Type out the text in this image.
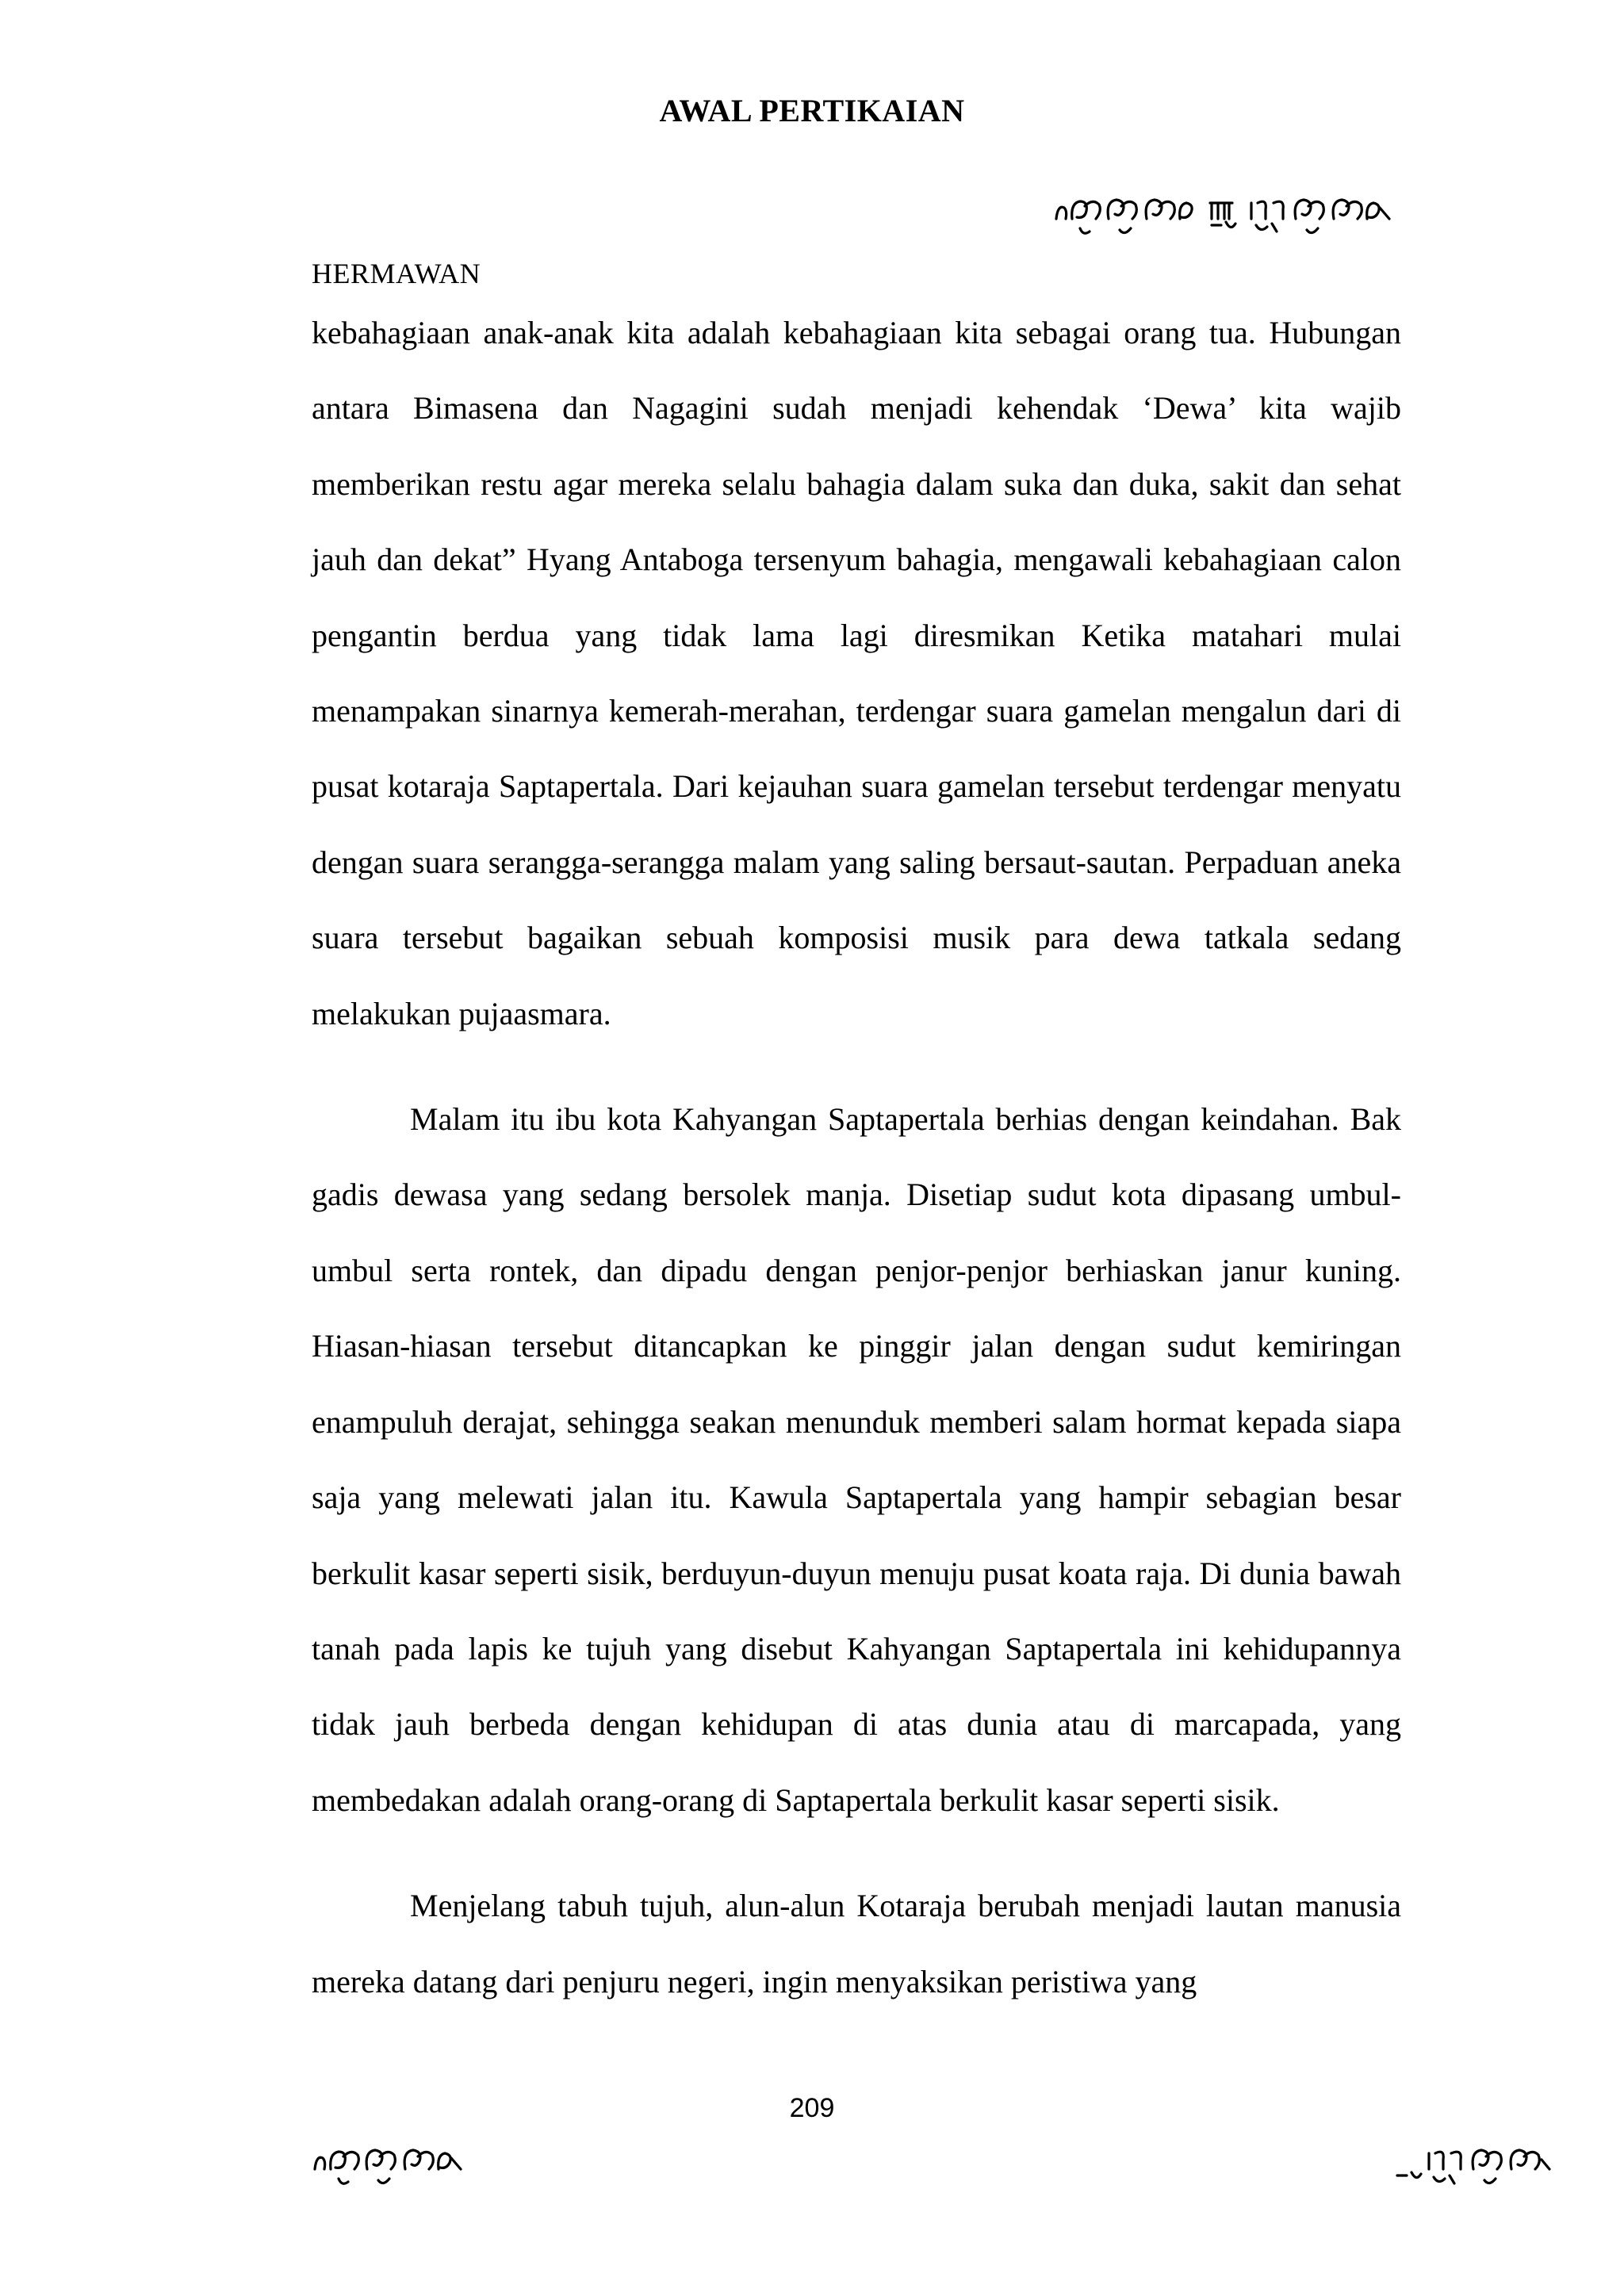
AWAL PERTIKAIAN
HERMAWAN

kebahagiaan anak-anak kita adalah kebahagiaan kita sebagai orang tua. Hubungan antara Bimasena dan Nagagini sudah menjadi kehendak ‘Dewa’ kita wajib memberikan restu agar mereka selalu bahagia dalam suka dan duka, sakit dan sehat jauh dan dekat” Hyang Antaboga tersenyum bahagia, mengawali kebahagiaan calon pengantin berdua yang tidak lama lagi diresmikan Ketika matahari mulai menampakan sinarnya kemerah-merahan, terdengar suara gamelan mengalun dari di pusat kotaraja Saptapertala. Dari kejauhan suara gamelan tersebut terdengar menyatu dengan suara serangga-serangga malam yang saling bersaut-sautan. Perpaduan aneka suara tersebut bagaikan sebuah komposisi musik para dewa tatkala sedang melakukan pujaasmara.

Malam itu ibu kota Kahyangan Saptapertala berhias dengan keindahan. Bak gadis dewasa yang sedang bersolek manja. Disetiap sudut kota dipasang umbul-umbul serta rontek, dan dipadu dengan penjor-penjor berhiaskan janur kuning. Hiasan-hiasan tersebut ditancapkan ke pinggir jalan dengan sudut kemiringan enampuluh derajat, sehingga seakan menunduk memberi salam hormat kepada siapa saja yang melewati jalan itu. Kawula Saptapertala yang hampir sebagian besar berkulit kasar seperti sisik, berduyun-duyun menuju pusat koata raja. Di dunia bawah tanah pada lapis ke tujuh yang disebut Kahyangan Saptapertala ini kehidupannya tidak jauh berbeda dengan kehidupan di atas dunia atau di marcapada, yang membedakan adalah orang-orang di Saptapertala berkulit kasar seperti sisik.

Menjelang tabuh tujuh, alun-alun Kotaraja berubah menjadi lautan manusia mereka datang dari penjuru negeri, ingin menyaksikan peristiwa yang

209
